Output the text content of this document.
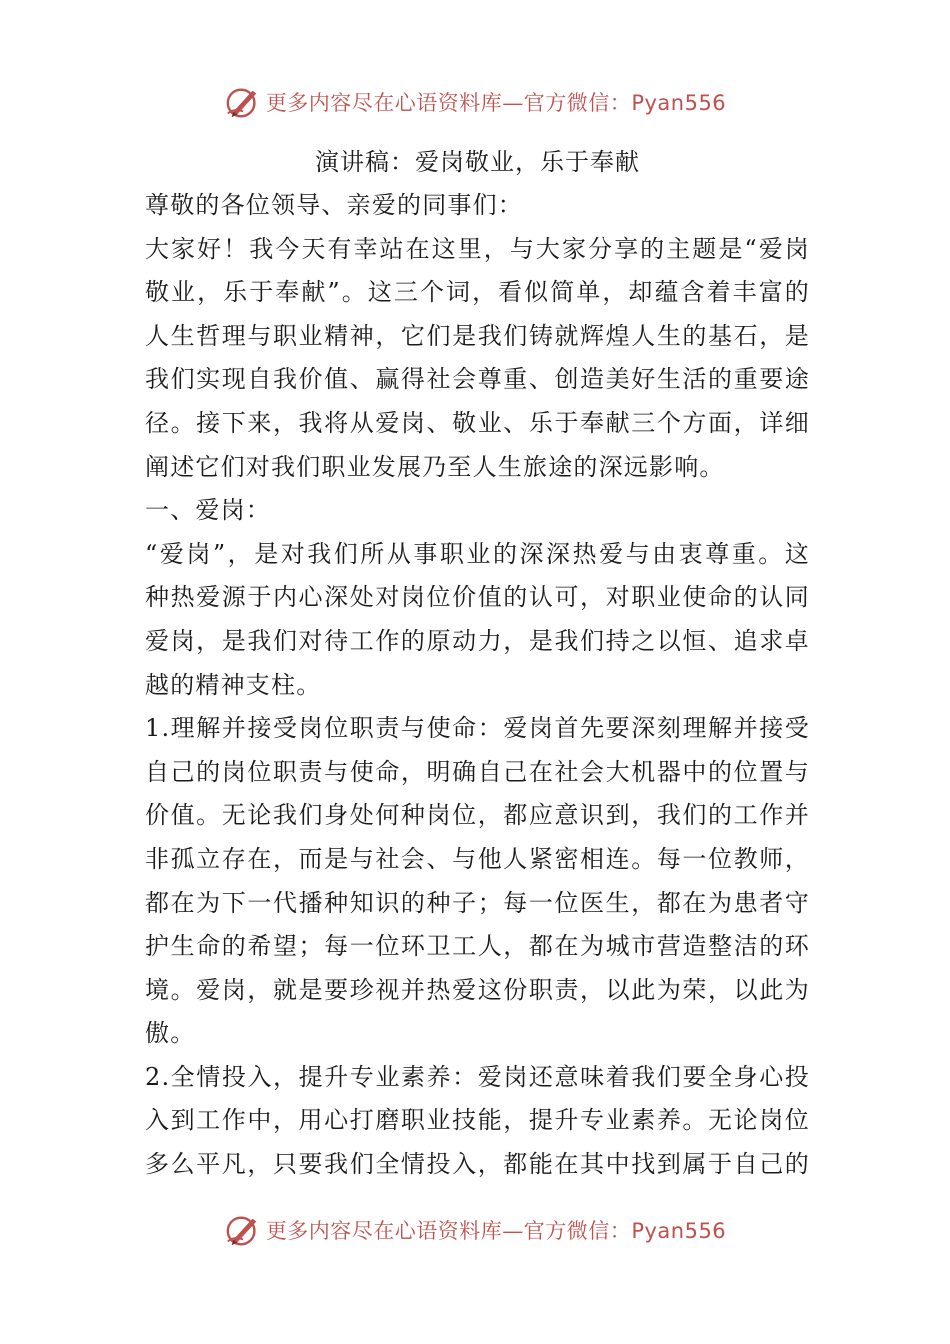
更多内容尽在心语资料库—官方微信：Pyan556
演讲稿：爱岗敬业，乐于奉献

尊敬的各位领导、亲爱的同事们：

大家好！我今天有幸站在这里，与大家分享的主题是“爱岗

敬业，乐于奉献”。这三个词，看似简单，却蕴含着丰富的

人生哲理与职业精神，它们是我们铸就辉煌人生的基石，是

我们实现自我价值、赢得社会尊重、创造美好生活的重要途

径。接下来，我将从爱岗、敬业、乐于奉献三个方面，详细

阐述它们对我们职业发展乃至人生旅途的深远影响。

一、爱岗：

“爱岗”，是对我们所从事职业的深深热爱与由衷尊重。这

种热爱源于内心深处对岗位价值的认可，对职业使命的认同

爱岗，是我们对待工作的原动力，是我们持之以恒、追求卓

越的精神支柱。

1.理解并接受岗位职责与使命：爱岗首先要深刻理解并接受

自己的岗位职责与使命，明确自己在社会大机器中的位置与

价值。无论我们身处何种岗位，都应意识到，我们的工作并

非孤立存在，而是与社会、与他人紧密相连。每一位教师，

都在为下一代播种知识的种子；每一位医生，都在为患者守

护生命的希望；每一位环卫工人，都在为城市营造整洁的环

境。爱岗，就是要珍视并热爱这份职责，以此为荣，以此为

傲。

2.全情投入，提升专业素养：爱岗还意味着我们要全身心投

入到工作中，用心打磨职业技能，提升专业素养。无论岗位

多么平凡，只要我们全情投入，都能在其中找到属于自己的

更多内容尽在心语资料库—官方微信：Pyan556
